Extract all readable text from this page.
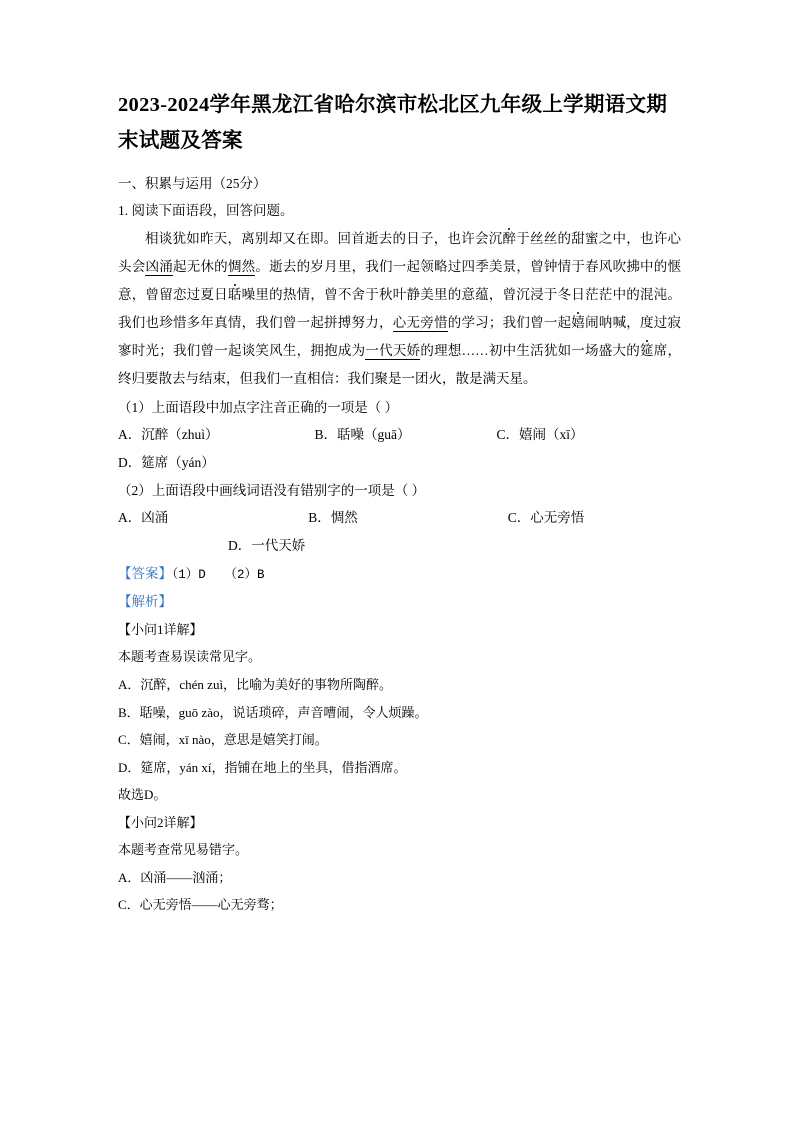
2023-2024学年黑龙江省哈尔滨市松北区九年级上学期语文期末试题及答案

一、积累与运用（25分）

1. 阅读下面语段，回答问题。

相谈犹如昨天，离别却又在即。回首逝去的日子，也许会沉醉于丝丝的甜蜜之中，也许心头会凶涌起无休的惆然。逝去的岁月里，我们一起领略过四季美景，曾钟情于春风吹拂中的惬意，曾留恋过夏日聒噪里的热情，曾不舍于秋叶静美里的意蕴，曾沉浸于冬日茫茫中的混沌。我们也珍惜多年真情，我们曾一起拼搏努力，心无旁惜的学习；我们曾一起嬉闹呐喊，度过寂寥时光；我们曾一起谈笑风生，拥抱成为一代天娇的理想……初中生活犹如一场盛大的筵席，终归要散去与结束，但我们一直相信：我们聚是一团火，散是满天星。

（1）上面语段中加点字注音正确的一项是（ ）

A．沉醉（zhuì）	B．聒噪（guā）	C．嬉闹（xī）D．筵席（yán）

（2）上面语段中画线词语没有错别字的一项是（ ）

A．凶涌	B．惆然	C．心无旁悟D．一代天娇

【答案】（1）D　　（2）B

【解析】

【小问1详解】

本题考查易误读常见字。

A．沉醉，chén zuì，比喻为美好的事物所陶醉。

B．聒噪，guō zào，说话琐碎，声音嘈闹，令人烦躁。

C．嬉闹，xī nào，意思是嬉笑打闹。

D．筵席，yán xí，指铺在地上的坐具，借指酒席。

故选D。

【小问2详解】

本题考查常见易错字。

A．凶涌——汹涌；

C．心无旁悟——心无旁骛；
